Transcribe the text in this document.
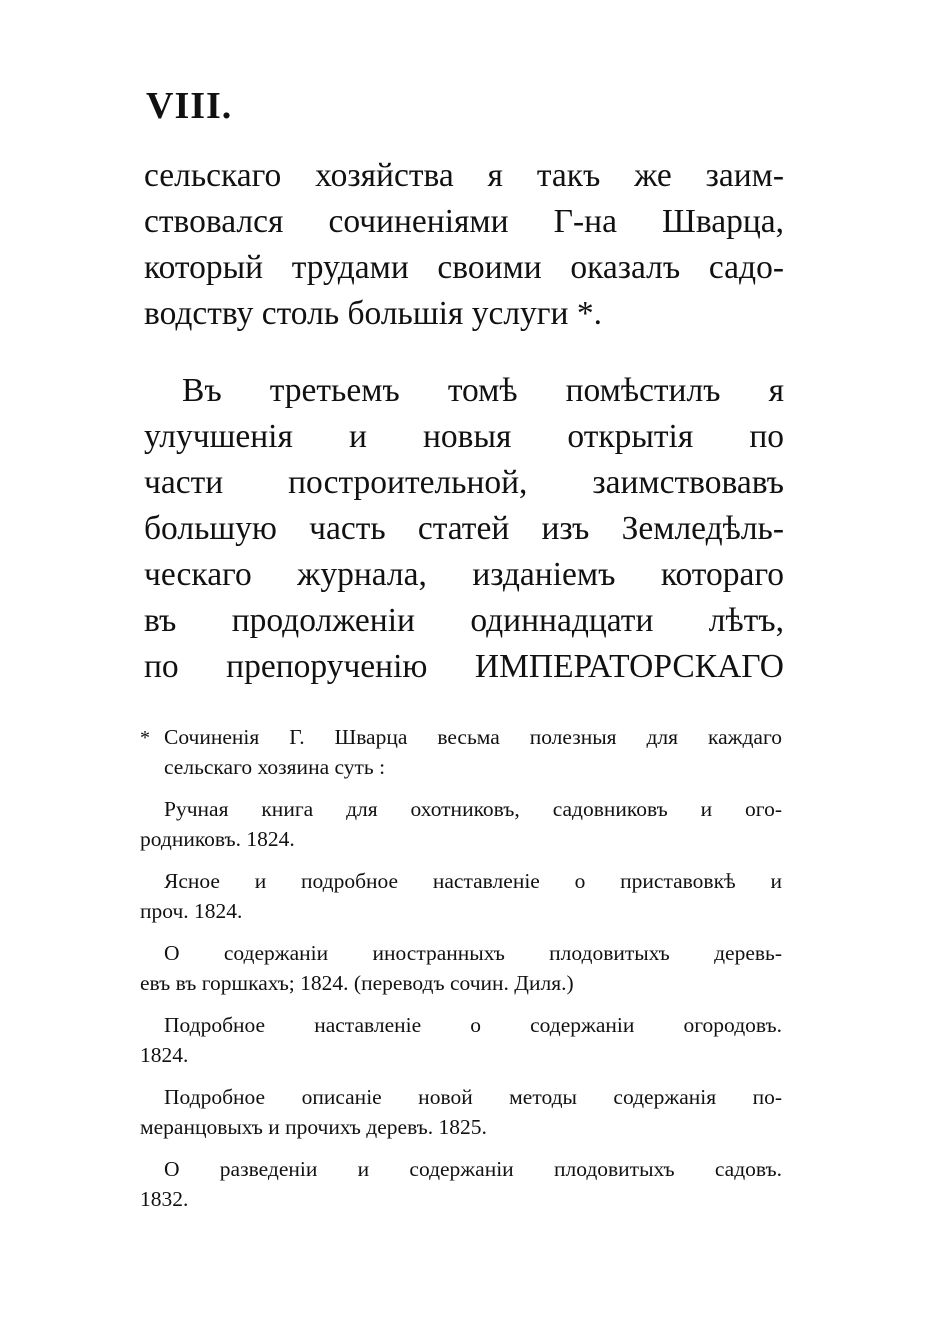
VIII.
сельскаго хозяйства я такъ же заим-
ствовался сочиненіями Г-на Шварца,
который трудами своими оказалъ садо-
водству столь большія услуги *.
Въ третьемъ томѣ помѣстилъ я
улучшенія и новыя открытія по
части построительной, заимствовавъ
большую часть статей изъ Земледѣль-
ческаго журнала, изданіемъ котораго
въ продолженіи одиннадцати лѣтъ,
по препорученію ИМПЕРАТОРСКАГО
* Сочиненія Г. Шварца весьма полезныя для каждаго
сельскаго хозяина суть :
Ручная книга для охотниковъ, садовниковъ и ого-
родниковъ. 1824.
Ясное и подробное наставленіе о приставовкѣ и
проч. 1824.
О содержаніи иностранныхъ плодовитыхъ деревь-
евъ въ горшкахъ; 1824. (переводъ сочин. Диля.)
Подробное наставленіе о содержаніи огородовъ.
1824.
Подробное описаніе новой методы содержанія по-
меранцовыхъ и прочихъ деревъ. 1825.
О разведеніи и содержаніи плодовитыхъ садовъ.
1832.
